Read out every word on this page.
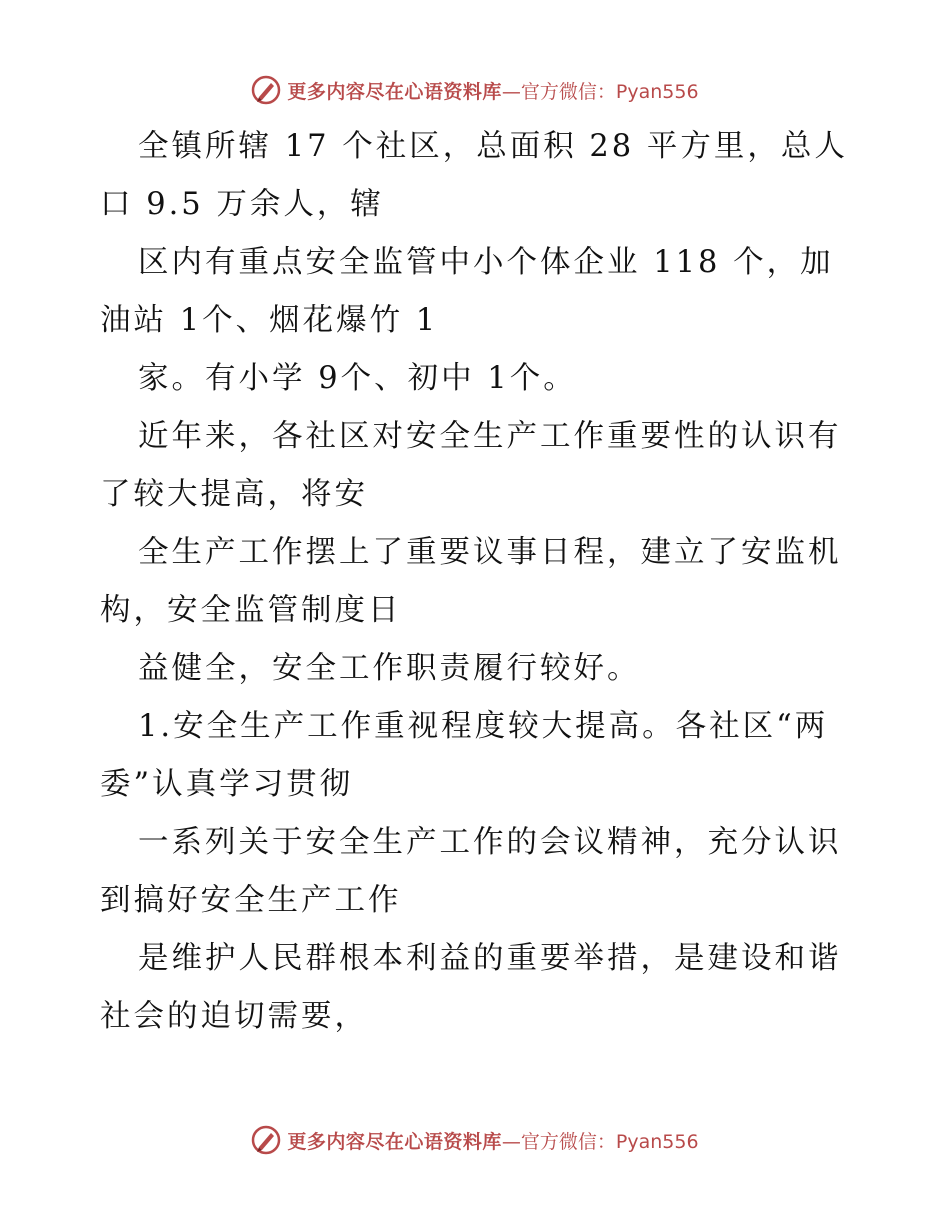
更多内容尽在心语资料库 —官方微信：Pyan556

全镇所辖 17 个社区，总面积 28 平方里，总人
口 9.5 万余人，辖

区内有重点安全监管中小个体企业 118 个，加
油站 1个、烟花爆竹 1

家。有小学 9个、初中 1个。

近年来，各社区对安全生产工作重要性的认识有
了较大提高，将安

全生产工作摆上了重要议事日程，建立了安监机
构，安全监管制度日

益健全，安全工作职责履行较好。

1.安全生产工作重视程度较大提高。各社区“两
委”认真学习贯彻

一系列关于安全生产工作的会议精神，充分认识
到搞好安全生产工作

是维护人民群根本利益的重要举措，是建设和谐
社会的迫切需要，

更多内容尽在心语资料库 —官方微信：Pyan556
